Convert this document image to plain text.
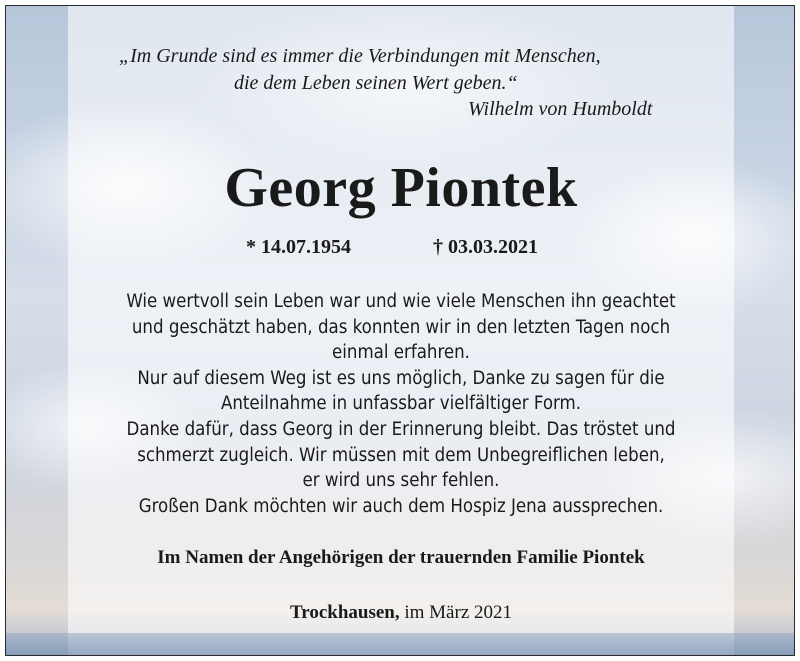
„Im Grunde sind es immer die Verbindungen mit Menschen,

die dem Leben seinen Wert geben.“

Wilhelm von Humboldt

Georg Piontek
* 14.07.1954	† 03.03.2021

Wie wertvoll sein Leben war und wie viele Menschen ihn geachtet
und geschätzt haben, das konnten wir in den letzten Tagen noch
einmal erfahren.
Nur auf diesem Weg ist es uns möglich, Danke zu sagen für die
Anteilnahme in unfassbar vielfältiger Form.
Danke dafür, dass Georg in der Erinnerung bleibt. Das tröstet und
schmerzt zugleich. Wir müssen mit dem Unbegreiflichen leben,
er wird uns sehr fehlen.
Großen Dank möchten wir auch dem Hospiz Jena aussprechen.

Im Namen der Angehörigen der trauernden Familie Piontek

Trockhausen, im März 2021
